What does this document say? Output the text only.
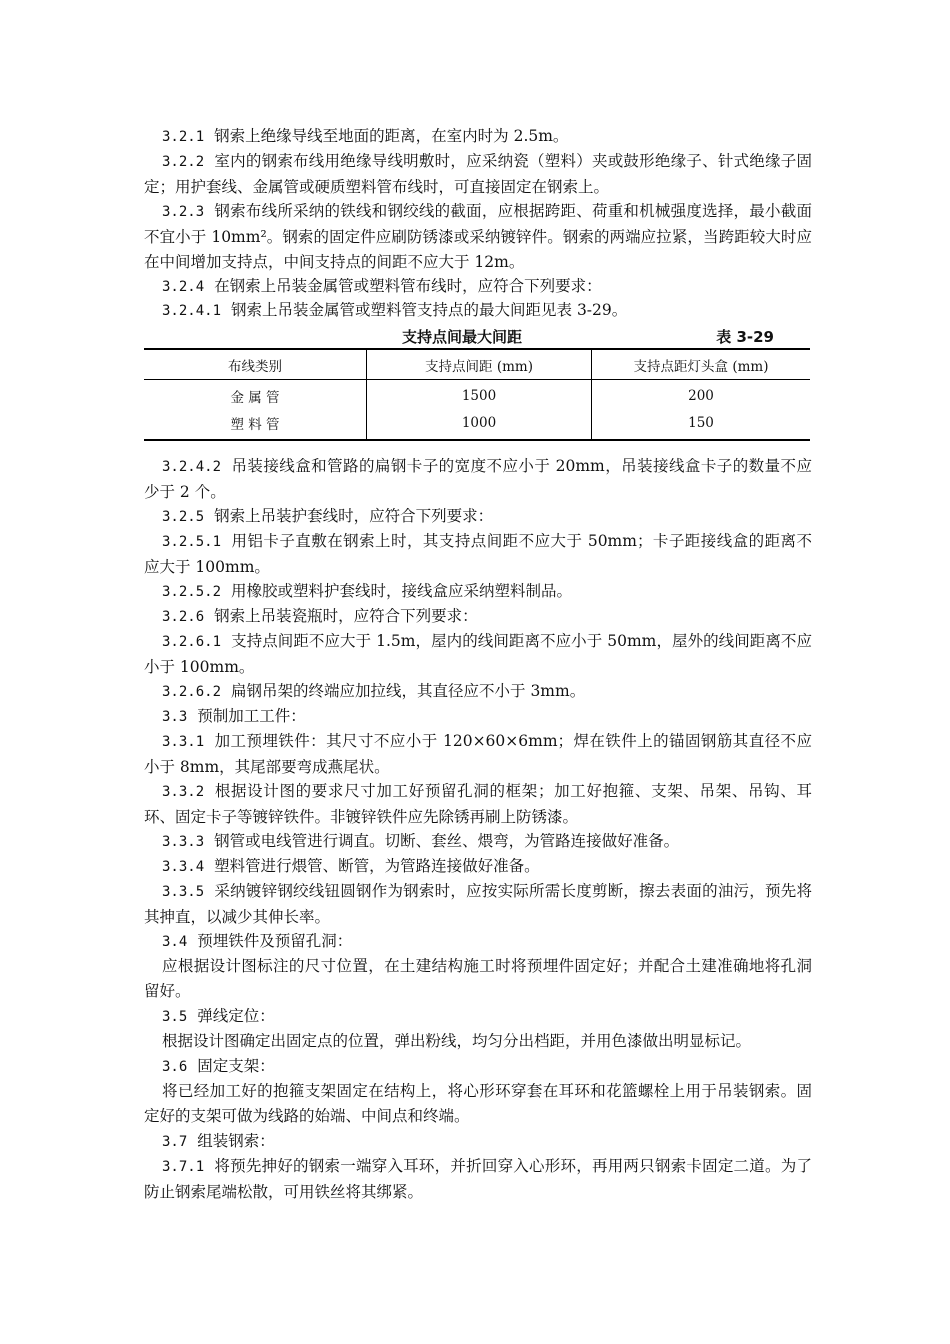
3.2.1 钢索上绝缘导线至地面的距离，在室内时为 2.5m。
3.2.2 室内的钢索布线用绝缘导线明敷时，应采纳瓷（塑料）夹或鼓形绝缘子、针式绝缘子固定；用护套线、金属管或硬质塑料管布线时，可直接固定在钢索上。
3.2.3 钢索布线所采纳的铁线和钢绞线的截面，应根据跨距、荷重和机械强度选择，最小截面不宜小于 10mm²。钢索的固定件应刷防锈漆或采纳镀锌件。钢索的两端应拉紧，当跨距较大时应在中间增加支持点，中间支持点的间距不应大于 12m。
3.2.4 在钢索上吊装金属管或塑料管布线时，应符合下列要求：
3.2.4.1 钢索上吊装金属管或塑料管支持点的最大间距见表 3-29。
支持点间最大间距	表 3-29
布线类别	支持点间距 (mm)	支持点距灯头盒 (mm)
金 属 管	1500	200
塑 料 管	1000	150
3.2.4.2 吊装接线盒和管路的扁钢卡子的宽度不应小于 20mm，吊装接线盒卡子的数量不应少于 2 个。
3.2.5 钢索上吊装护套线时，应符合下列要求：
3.2.5.1 用铝卡子直敷在钢索上时，其支持点间距不应大于 50mm；卡子距接线盒的距离不应大于 100mm。
3.2.5.2 用橡胶或塑料护套线时，接线盒应采纳塑料制品。
3.2.6 钢索上吊装瓷瓶时，应符合下列要求：
3.2.6.1 支持点间距不应大于 1.5m，屋内的线间距离不应小于 50mm，屋外的线间距离不应小于 100mm。
3.2.6.2 扁钢吊架的终端应加拉线，其直径应不小于 3mm。
3.3 预制加工工件：
3.3.1 加工预埋铁件：其尺寸不应小于 120×60×6mm；焊在铁件上的锚固钢筋其直径不应小于 8mm，其尾部要弯成燕尾状。
3.3.2 根据设计图的要求尺寸加工好预留孔洞的框架；加工好抱箍、支架、吊架、吊钩、耳环、固定卡子等镀锌铁件。非镀锌铁件应先除锈再刷上防锈漆。
3.3.3 钢管或电线管进行调直。切断、套丝、煨弯，为管路连接做好准备。
3.3.4 塑料管进行煨管、断管，为管路连接做好准备。
3.3.5 采纳镀锌钢绞线钮圆钢作为钢索时，应按实际所需长度剪断，擦去表面的油污，预先将其抻直，以减少其伸长率。
3.4 预埋铁件及预留孔洞：
应根据设计图标注的尺寸位置，在土建结构施工时将预埋件固定好；并配合土建准确地将孔洞留好。
3.5 弹线定位：
根据设计图确定出固定点的位置，弹出粉线，均匀分出档距，并用色漆做出明显标记。
3.6 固定支架：
将已经加工好的抱箍支架固定在结构上，将心形环穿套在耳环和花篮螺栓上用于吊装钢索。固定好的支架可做为线路的始端、中间点和终端。
3.7 组装钢索：
3.7.1 将预先抻好的钢索一端穿入耳环，并折回穿入心形环，再用两只钢索卡固定二道。为了防止钢索尾端松散，可用铁丝将其绑紧。
